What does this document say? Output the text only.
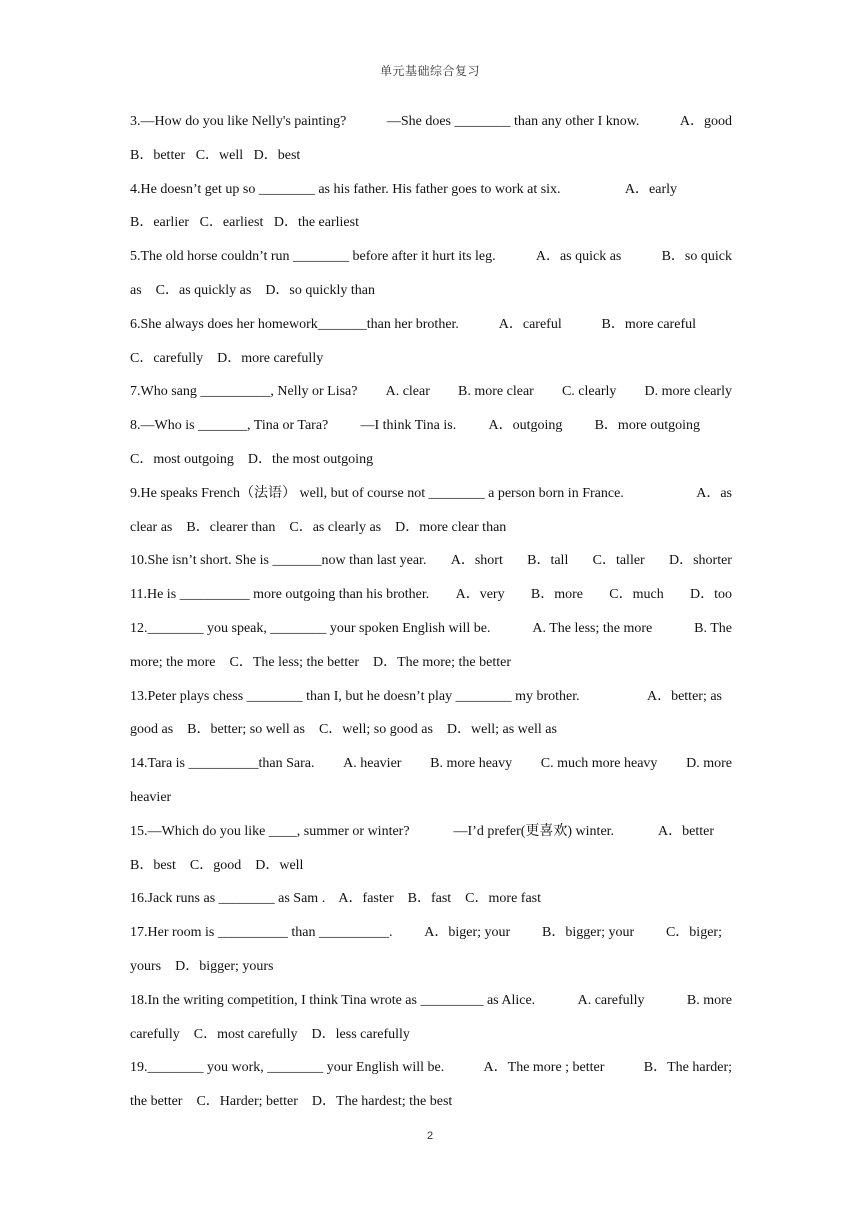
单元基础综合复习
3.—How do you like Nelly's painting?	—She does ________ than any other I know.	A．good
B．better   C．well   D．best
4.He doesn’t get up so ________ as his father. His father goes to work at six.	A．early
B．earlier   C．earliest   D．the earliest
5.The old horse couldn’t run ________ before after it hurt its leg.	A．as quick as	B．so quick
as    C．as quickly as    D．so quickly than
6.She always does her homework_______than her brother.	A．careful	B．more careful
C．carefully    D．more carefully
7.Who sang __________, Nelly or Lisa? A. clear B. more clear C. clearly D. more clearly
8.—Who is _______, Tina or Tara? —I think Tina is. A．outgoing B．more outgoing
C．most outgoing    D．the most outgoing
9.He speaks French（法语） well, but of course not ________ a person born in France.	A．as
clear as    B．clearer than    C．as clearly as    D．more clear than
10.She isn’t short. She is _______now than last year. A．short B．tall C．taller D．shorter
11.He is __________ more outgoing than his brother. A．very B．more C．much D．too
12.________ you speak, ________ your spoken English will be.	A. The less; the more	B. The
more; the more    C．The less; the better    D．The more; the better
13.Peter plays chess ________ than I, but he doesn’t play ________ my brother.	A．better; as
good as    B．better; so well as    C．well; so good as    D．well; as well as
14.Tara is __________than Sara. A. heavier B. more heavy C. much more heavy D. more
heavier
15.—Which do you like ____, summer or winter?	—I’d prefer(更喜欢) winter.	A．better
B．best    C．good    D．well
16.Jack runs as ________ as Sam .    A．faster    B．fast    C．more fast
17.Her room is __________ than __________. A．biger; your B．bigger; your C．biger;
yours    D．bigger; yours
18.In the writing competition, I think Tina wrote as _________ as Alice.	A. carefully	B. more
carefully    C．most carefully    D．less carefully
19.________ you work, ________ your English will be.	A．The more ; better	B．The harder;
the better    C．Harder; better    D．The hardest; the best
2
